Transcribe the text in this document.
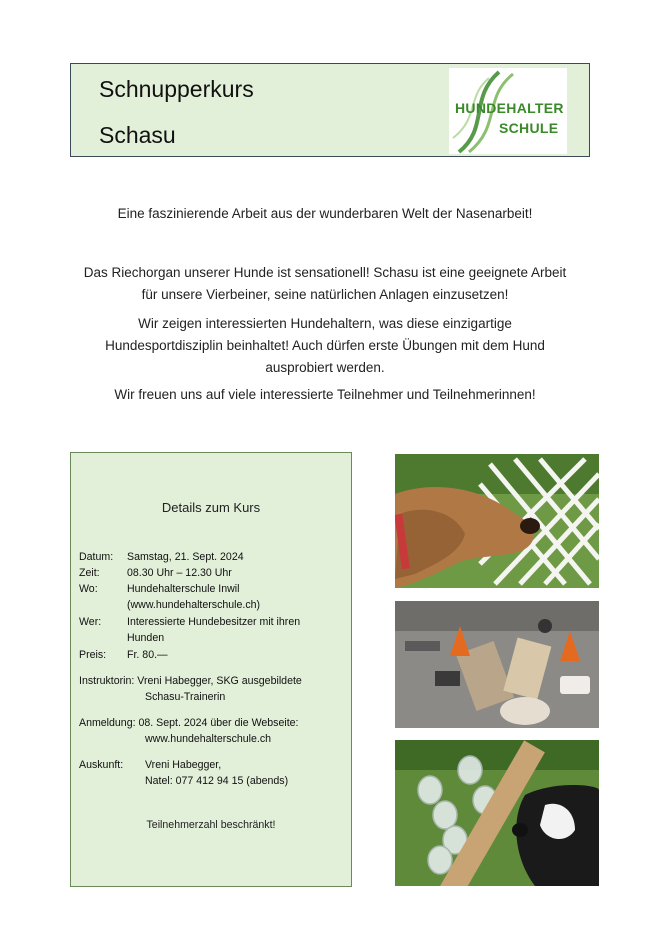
Schnupperkurs
Schasu
HUNDEHALTER
SCHULE

Eine faszinierende Arbeit aus der wunderbaren Welt der Nasenarbeit!

Das Riechorgan unserer Hunde ist sensationell! Schasu ist eine geeignete Arbeit
für unsere Vierbeiner, seine natürlichen Anlagen einzusetzen!

Wir zeigen interessierten Hundehaltern, was diese einzigartige
Hundesportdisziplin beinhaltet! Auch dürfen erste Übungen mit dem Hund
ausprobiert werden.

Wir freuen uns auf viele interessierte Teilnehmer und Teilnehmerinnen!

Details zum Kurs
Datum: Samstag, 21. Sept. 2024
Zeit:	08.30 Uhr – 12.30 Uhr
Wo:	Hundehalterschule Inwil
(www.hundehalterschule.ch)
Wer: Interessierte Hundebesitzer mit ihren
Hunden
Preis: Fr. 80.—
Instruktorin: Vreni Habegger, SKG ausgebildete
Schasu-Trainerin
Anmeldung: 08. Sept. 2024 über die Webseite:
www.hundehalterschule.ch
Auskunft: Vreni Habegger,
Natel: 077 412 94 15 (abends)
Teilnehmerzahl beschränkt!
